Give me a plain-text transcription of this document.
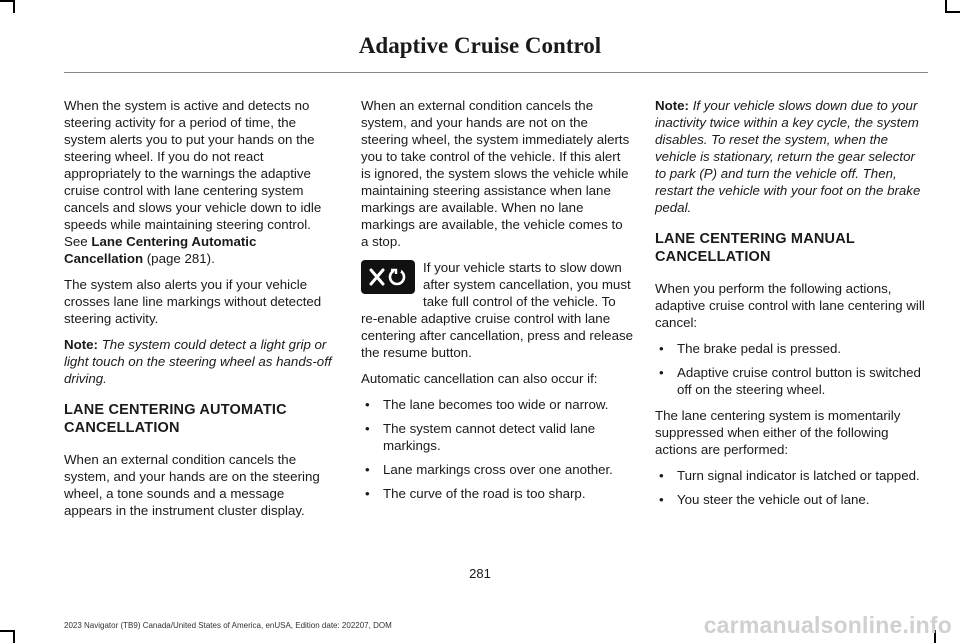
Adaptive Cruise Control

When the system is active and detects no steering activity for a period of time, the system alerts you to put your hands on the steering wheel. If you do not react appropriately to the warnings the adaptive cruise control with lane centering system cancels and slows your vehicle down to idle speeds while maintaining steering control. See Lane Centering Automatic Cancellation (page 281).

The system also alerts you if your vehicle crosses lane line markings without detected steering activity.

Note: The system could detect a light grip or light touch on the steering wheel as hands-off driving.

LANE CENTERING AUTOMATIC CANCELLATION

When an external condition cancels the system, and your hands are on the steering wheel, a tone sounds and a message appears in the instrument cluster display.

When an external condition cancels the system, and your hands are not on the steering wheel, the system immediately alerts you to take control of the vehicle. If this alert is ignored, the system slows the vehicle while maintaining steering assistance when lane markings are available. When no lane markings are available, the vehicle comes to a stop.

If your vehicle starts to slow down after system cancellation, you must take full control of the vehicle. To re-enable adaptive cruise control with lane centering after cancellation, press and release the resume button.

Automatic cancellation can also occur if:

• The lane becomes too wide or narrow.
• The system cannot detect valid lane markings.
• Lane markings cross over one another.
• The curve of the road is too sharp.

Note: If your vehicle slows down due to your inactivity twice within a key cycle, the system disables. To reset the system, when the vehicle is stationary, return the gear selector to park (P) and turn the vehicle off. Then, restart the vehicle with your foot on the brake pedal.

LANE CENTERING MANUAL CANCELLATION

When you perform the following actions, adaptive cruise control with lane centering will cancel:

• The brake pedal is pressed.
• Adaptive cruise control button is switched off on the steering wheel.

The lane centering system is momentarily suppressed when either of the following actions are performed:

• Turn signal indicator is latched or tapped.
• You steer the vehicle out of lane.
281
2023 Navigator (TB9) Canada/United States of America, enUSA, Edition date: 202207, DOM	carmanualsonline.info
